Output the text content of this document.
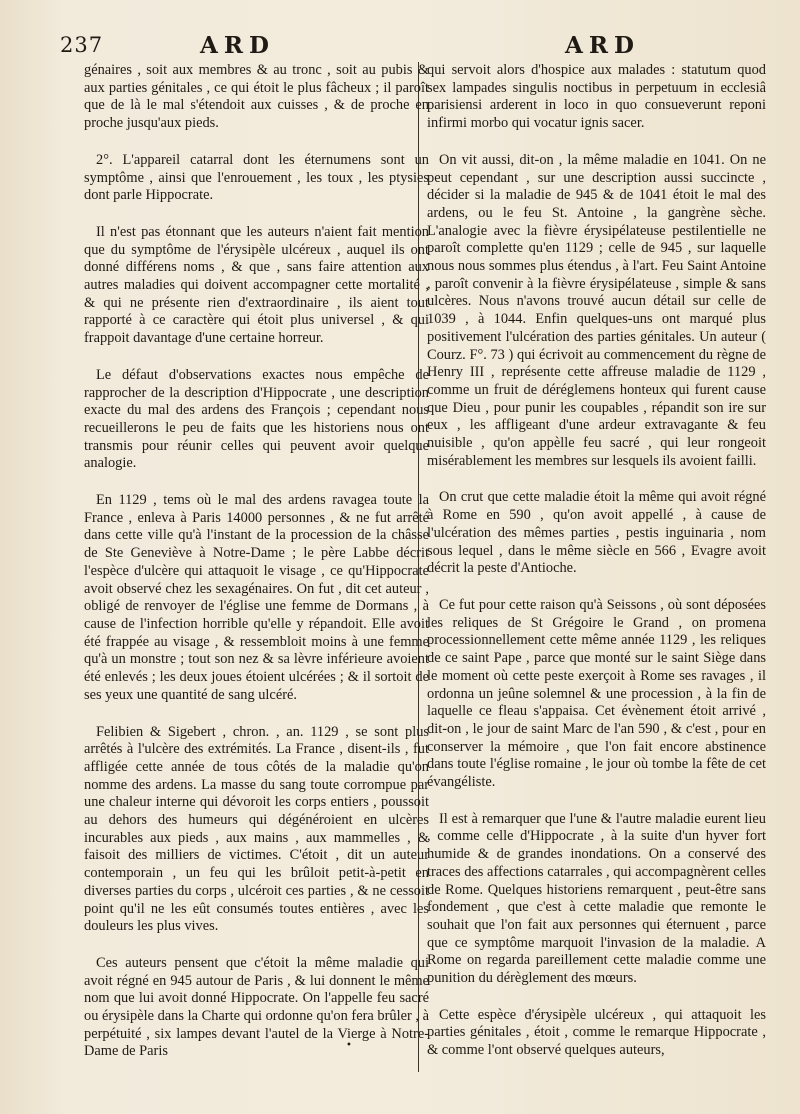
237	ARD	ARD

génaires , soit aux membres & au tronc , soit au pubis & aux parties génitales , ce qui étoit le plus fâcheux ; il paroît que de là le mal s'étendoit aux cuisses , & de proche en proche jusqu'aux pieds.

2°. L'appareil catarral dont les éternumens sont un symptôme , ainsi que l'enrouement , les toux , les ptysies dont parle Hippocrate.

Il n'est pas étonnant que les auteurs n'aient fait mention que du symptôme de l'érysipèle ulcéreux , auquel ils ont donné différens noms , & que , sans faire attention aux autres maladies qui doivent accompagner cette mortalité , & qui ne présente rien d'extraordinaire , ils aient tout rapporté à ce caractère qui étoit plus universel , & qui frappoit davantage d'une certaine horreur.

Le défaut d'observations exactes nous empêche de rapprocher de la description d'Hippocrate , une description exacte du mal des ardens des François ; cependant nous recueillerons le peu de faits que les historiens nous ont transmis pour réunir celles qui peuvent avoir quelque analogie.

En 1129 , tems où le mal des ardens ravagea toute la France , enleva à Paris 14000 personnes , & ne fut arrêté dans cette ville qu'à l'instant de la procession de la châsse de Ste Geneviève à Notre-Dame ; le père Labbe décrit l'espèce d'ulcère qui attaquoit le visage , ce qu'Hippocrate avoit observé chez les sexagénaires. On fut , dit cet auteur , obligé de renvoyer de l'église une femme de Dormans , à cause de l'infection horrible qu'elle y répandoit. Elle avoit été frappée au visage , & ressembloit moins à une femme qu'à un monstre ; tout son nez & sa lèvre inférieure avoient été enlevés ; les deux joues étoient ulcérées ; & il sortoit de ses yeux une quantité de sang ulcéré.

Felibien & Sigebert , chron. , an. 1129 , se sont plus arrêtés à l'ulcère des extrémités. La France , disent-ils , fut affligée cette année de tous côtés de la maladie qu'on nomme des ardens. La masse du sang toute corrompue par une chaleur interne qui dévoroit les corps entiers , poussoit au dehors des humeurs qui dégénéroient en ulcères incurables aux pieds , aux mains , aux mammelles , & faisoit des milliers de victimes. C'étoit , dit un auteur contemporain , un feu qui les brûloit petit-à-petit en diverses parties du corps , ulcéroit ces parties , & ne cessoit point qu'il ne les eût consumés toutes entières , avec les douleurs les plus vives.

Ces auteurs pensent que c'étoit la même maladie qui avoit régné en 945 autour de Paris , & lui donnent le même nom que lui avoit donné Hippocrate. On l'appelle feu sacré ou érysipèle dans la Charte qui ordonne qu'on fera brûler , à perpétuité , six lampes devant l'autel de la Vierge à Notre-Dame de Paris

qui servoit alors d'hospice aux malades : statutum quod sex lampades singulis noctibus in perpetuum in ecclesiâ parisiensi arderent in loco in quo consueverunt reponi infirmi morbo qui vocatur ignis sacer.

On vit aussi, dit-on , la même maladie en 1041. On ne peut cependant , sur une description aussi succincte , décider si la maladie de 945 & de 1041 étoit le mal des ardens, ou le feu St. Antoine , la gangrène sèche. L'analogie avec la fièvre érysipélateuse pestilentielle ne paroît complette qu'en 1129 ; celle de 945 , sur laquelle nous nous sommes plus étendus , à l'art. Feu Saint Antoine , paroît convenir à la fièvre érysipélateuse , simple & sans ulcères. Nous n'avons trouvé aucun détail sur celle de 1039 , à 1044. Enfin quelques-uns ont marqué plus positivement l'ulcération des parties génitales. Un auteur ( Courz. F°. 73 ) qui écrivoit au commencement du règne de Henry III , représente cette affreuse maladie de 1129 , comme un fruit de déréglemens honteux qui furent cause que Dieu , pour punir les coupables , répandit son ire sur eux , les affligeant d'une ardeur extravagante & feu nuisible , qu'on appèlle feu sacré , qui leur rongeoit misérablement les membres sur lesquels ils avoient failli.

On crut que cette maladie étoit la même qui avoit régné à Rome en 590 , qu'on avoit appellé , à cause de l'ulcération des mêmes parties , pestis inguinaria , nom sous lequel , dans le même siècle en 566 , Evagre avoit décrit la peste d'Antioche.

Ce fut pour cette raison qu'à Seissons , où sont déposées les reliques de St Grégoire le Grand , on promena processionnellement cette même année 1129 , les reliques de ce saint Pape , parce que monté sur le saint Siège dans le moment où cette peste exerçoit à Rome ses ravages , il ordonna un jeûne solemnel & une procession , à la fin de laquelle ce fleau s'appaisa. Cet évènement étoit arrivé , dit-on , le jour de saint Marc de l'an 590 , & c'est , pour en conserver la mémoire , que l'on fait encore abstinence dans toute l'église romaine , le jour où tombe la fête de cet évangéliste.

Il est à remarquer que l'une & l'autre maladie eurent lieu , comme celle d'Hippocrate , à la suite d'un hyver fort humide & de grandes inondations. On a conservé des traces des affections catarrales , qui accompagnèrent celles de Rome. Quelques historiens remarquent , peut-être sans fondement , que c'est à cette maladie que remonte le souhait que l'on fait aux personnes qui éternuent , parce que ce symptôme marquoit l'invasion de la maladie. A Rome on regarda pareillement cette maladie comme une punition du dérèglement des mœurs.

Cette espèce d'érysipèle ulcéreux , qui attaquoit les parties génitales , étoit , comme le remarque Hippocrate , & comme l'ont observé quelques auteurs,

•
